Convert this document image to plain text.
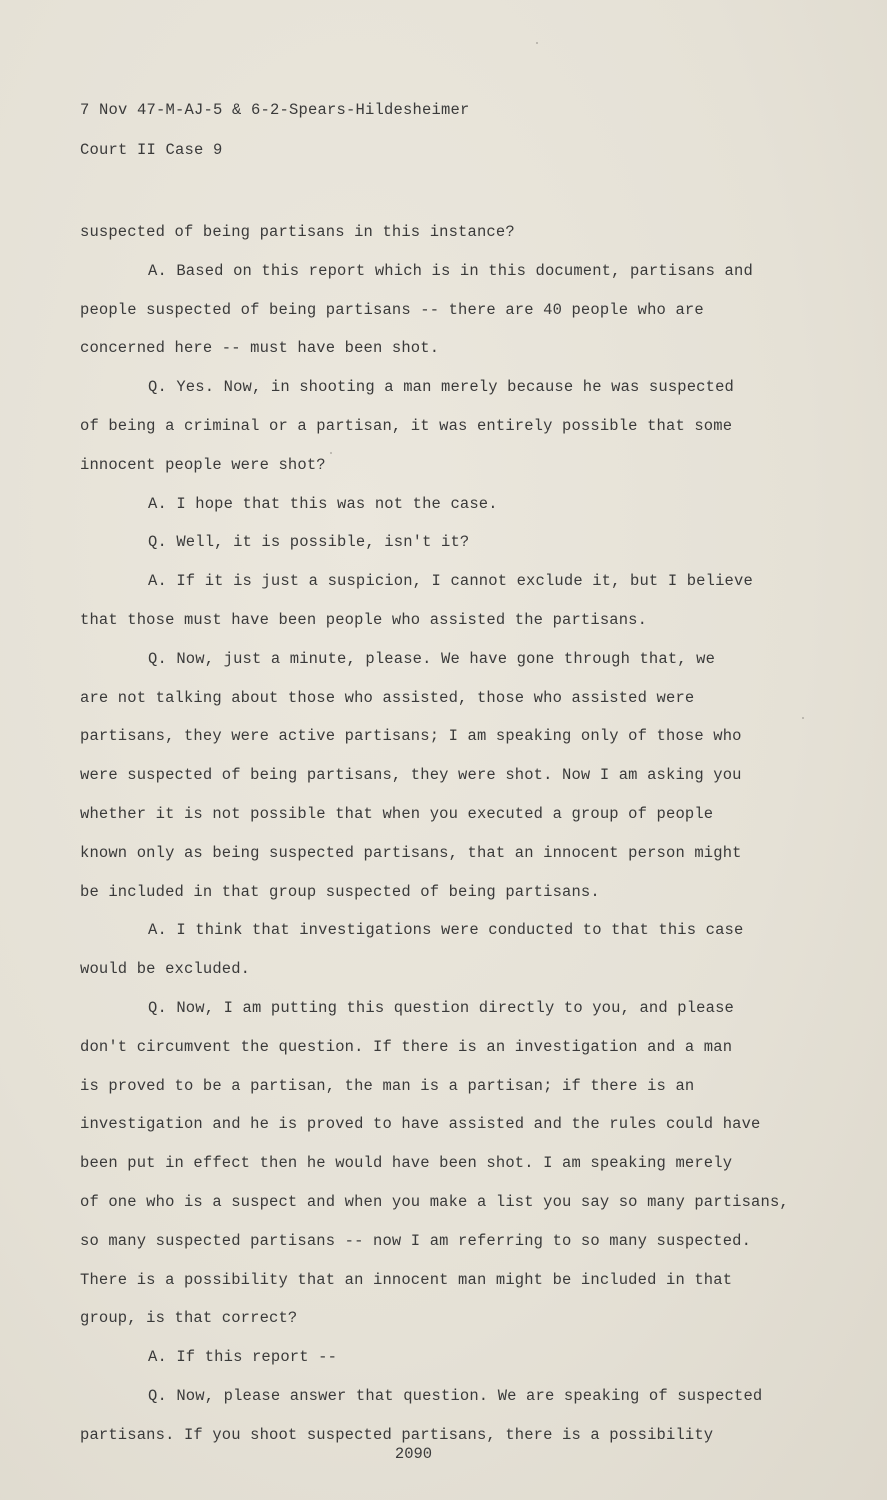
7 Nov 47-M-AJ-5 & 6-2-Spears-Hildesheimer
Court II Case 9
suspected of being partisans in this instance?
A. Based on this report which is in this document, partisans and
people suspected of being partisans -- there are 40 people who are
concerned here -- must have been shot.
Q. Yes. Now, in shooting a man merely because he was suspected
of being a criminal or a partisan, it was entirely possible that some
innocent people were shot?
A. I hope that this was not the case.
Q. Well, it is possible, isn't it?
A. If it is just a suspicion, I cannot exclude it, but I believe
that those must have been people who assisted the partisans.
Q. Now, just a minute, please. We have gone through that, we
are not talking about those who assisted, those who assisted were
partisans, they were active partisans; I am speaking only of those who
were suspected of being partisans, they were shot. Now I am asking you
whether it is not possible that when you executed a group of people
known only as being suspected partisans, that an innocent person might
be included in that group suspected of being partisans.
A. I think that investigations were conducted to that this case
would be excluded.
Q. Now, I am putting this question directly to you, and please
don't circumvent the question. If there is an investigation and a man
is proved to be a partisan, the man is a partisan; if there is an
investigation and he is proved to have assisted and the rules could have
been put in effect then he would have been shot. I am speaking merely
of one who is a suspect and when you make a list you say so many partisans,
so many suspected partisans -- now I am referring to so many suspected.
There is a possibility that an innocent man might be included in that
group, is that correct?
A. If this report --
Q. Now, please answer that question. We are speaking of suspected
partisans. If you shoot suspected partisans, there is a possibility
2090
